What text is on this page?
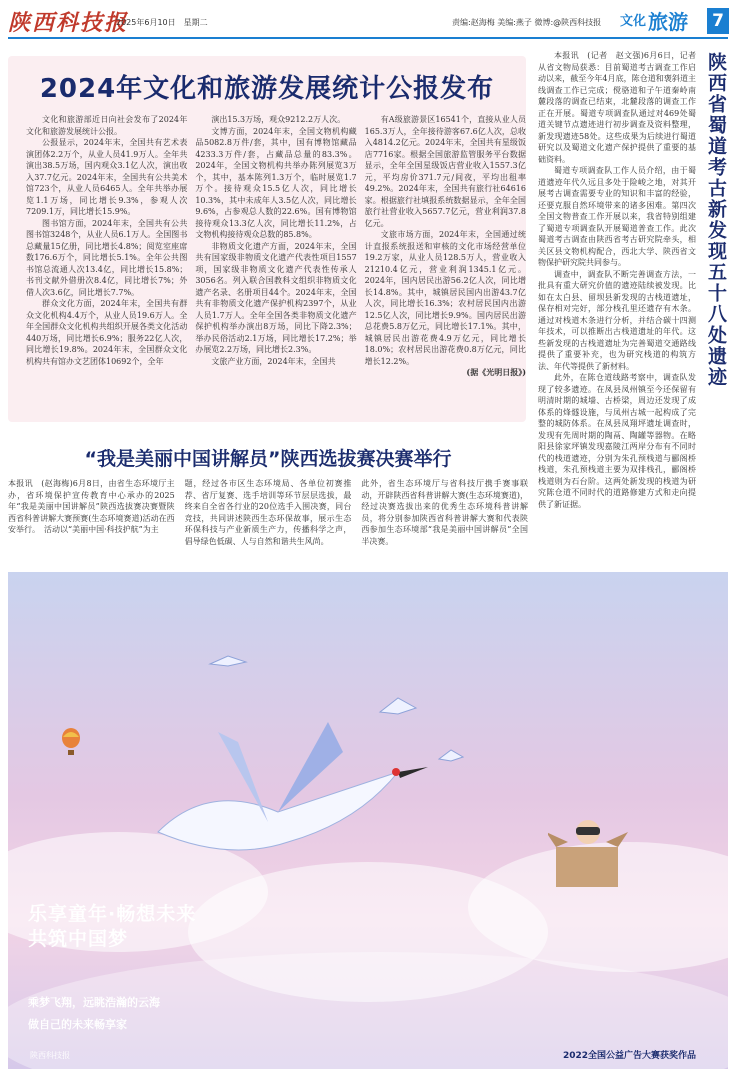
陕西科技报
2025年6月10日　星期二	责编:赵海梅 美编:燕子 微博:@陕西科技报 文化 旅游 7
2024年文化和旅游发展统计公报发布

文化和旅游部近日向社会发布了2024年文化和旅游发展统计公报。

公报显示，2024年末，全国共有艺术表演团体2.2万个，从业人员41.9万人。全年共演出38.5万场，国内观众3.1亿人次，演出收入37.7亿元。2024年末，全国共有公共美术馆723个，从业人员6465人。全年共举办展览1.1万场，同比增长9.3%，参观人次7209.1万，同比增长15.9%。

图书馆方面，2024年末，全国共有公共图书馆3248个，从业人员6.1万人。全国图书总藏量15亿册，同比增长4.8%；阅览室座席数176.6万个，同比增长5.1%。全年公共图书馆总流通人次13.4亿，同比增长15.8%；书刊文献外借册次8.4亿，同比增长7%；外借人次3.6亿，同比增长7.7%。

群众文化方面，2024年末，全国共有群众文化机构4.4万个，从业人员19.6万人。全年全国群众文化机构共组织开展各类文化活动440万场，同比增长6.9%；服务22亿人次，同比增长19.8%。2024年末，全国群众文化机构共有馆办文艺团体10692个，全年

演出15.3万场，观众9212.2万人次。

文博方面，2024年末，全国文物机构藏品5082.8万件/套，其中，国有博物馆藏品4233.3万件/套，占藏品总量的83.3%。2024年，全国文物机构共举办陈列展览3万个，其中，基本陈列1.3万个，临时展览1.7万个。接待观众15.5亿人次，同比增长10.3%，其中未成年人3.5亿人次，同比增长9.6%，占参观总人数的22.6%。国有博物馆接待观众13.3亿人次，同比增长11.2%，占文物机构接待观众总数的85.8%。

非物质文化遗产方面，2024年末，全国共有国家级非物质文化遗产代表性项目1557项，国家级非物质文化遗产代表性传承人3056名。列入联合国教科文组织非物质文化遗产名录、名册项目44个。2024年末，全国共有非物质文化遗产保护机构2397个，从业人员1.7万人。全年全国各类非物质文化遗产保护机构举办演出8万场，同比下降2.3%；举办民俗活动2.1万场，同比增长17.2%；举办展览2.2万场，同比增长2.3%。

文旅产业方面，2024年末，全国共

有A级旅游景区16541个，直接从业人员165.3万人，全年接待游客67.6亿人次，总收入4814.2亿元。2024年末，全国共有星级饭店7716家。根据全国旅游监管服务平台数据显示，全年全国星级饭店营业收入1557.3亿元，平均房价371.7元/间夜，平均出租率49.2%。2024年末，全国共有旅行社64616家。根据旅行社填报系统数据显示，全年全国旅行社营业收入5657.7亿元，营业利润37.8亿元。

文旅市场方面，2024年末，全国通过统计直报系统报送和审核的文化市场经营单位19.2万家，从业人员128.5万人，营业收入21210.4亿元，营业利润1345.1亿元。2024年，国内居民出游56.2亿人次，同比增长14.8%。其中，城镇居民国内出游43.7亿人次，同比增长16.3%；农村居民国内出游12.5亿人次，同比增长9.9%。国内居民出游总花费5.8万亿元，同比增长17.1%。其中，城镇居民出游花费4.9万亿元，同比增长18.0%；农村居民出游花费0.8万亿元，同比增长12.2%。

(据《光明日报》)

本报讯　(记者　赵文强)6月6日，记者从省文物局获悉：目前蜀道考古调查工作启动以来，截至今年4月底，陈仓道和褒斜道主线调查工作已完成；傥骆道和子午道秦岭南麓段落的调查已结束，北麓段落的调查工作正在开展。蜀道专项调查队通过对469处蜀道关键节点遗迹进行初步调查及资料整理，新发现遗迹58处。这些成果为后续进行蜀道研究以及蜀道文化遗产保护提供了重要的基础资料。

蜀道专项调查队工作人员介绍，由于蜀道遗迹年代久远且多处于险峻之地，对其开展考古调查需要专业的知识和丰富的经验，还要克服自然环境带来的诸多困难。第四次全国文物普查工作开展以来，我省特别组建了蜀道专项调查队开展蜀道普查工作。此次蜀道考古调查由陕西省考古研究院牵头，相关区县文物机构配合，西北大学、陕西省文物保护研究院共同参与。

调查中，调查队不断完善调查方法，一批具有重大研究价值的遗迹陆续被发现。比如在太白县、留坝县新发现的古栈道遗址，保存相对完好，部分栈孔里还遗存有木条。通过对栈道木条进行分析，并结合碳十四测年技术，可以推断出古栈道遗址的年代。这些新发现的古栈道遗址为完善蜀道交通路线提供了重要补充，也为研究栈道的构筑方法、年代等提供了新材料。

此外，在陈仓道线路考察中，调查队发现了较多遗迹。在凤县凤州镇至今还保留有明清时期的城墙、古桥梁，周边还发现了成体系的烽燧设施，与凤州古城一起构成了完整的城防体系。在凤县凤翔坪遗址调查时，发现有先周时期的陶鬲、陶罐等器物。在略阳县徐家坪镇发现嘉陵江两岸分布有不同时代的栈道遗迹，分别为朱孔预栈道与郦阁桥栈道，朱孔预栈道主要为双排栈孔，郦阁桥栈道则为石台阶。这两处新发现的栈道为研究陈仓道不同时代的道路修建方式和走向提供了新证据。

陕西省蜀道考古新发现五十八处遗迹
“我是美丽中国讲解员”陕西选拔赛决赛举行
本报讯　(赵海梅)6月8日，由省生态环境厅主办，省环境保护宣传教育中心承办的2025年“我是美丽中国讲解员”陕西选拔赛决赛暨陕西省科普讲解大赛预赛(生态环境赛道)活动在西安举行。　活动以“美丽中国·科技护航”为主
题，经过各市区生态环境局、各单位初赛推荐、省厅复赛、选手培训等环节层层选拔，最终来自全省各行业的20位选手入围决赛，同台竞技，共同讲述陕西生态环保故事，展示生态环保科技与产业新质生产力，传播科学之声，倡导绿色低碳、人与自然和谐共生风尚。
此外，省生态环境厅与省科技厅携手赛事联动，开辟陕西省科普讲解大赛(生态环境赛道)，经过决赛选拔出来的优秀生态环境科普讲解员，将分别参加陕西省科普讲解大赛和代表陕西参加生态环境部“我是美丽中国讲解员”全国半决赛。
乐享童年·畅想未来
共筑中国梦
乘梦飞翔，远眺浩瀚的云海
做自己的未来畅享家
陕西科技报	2022全国公益广告大赛获奖作品
